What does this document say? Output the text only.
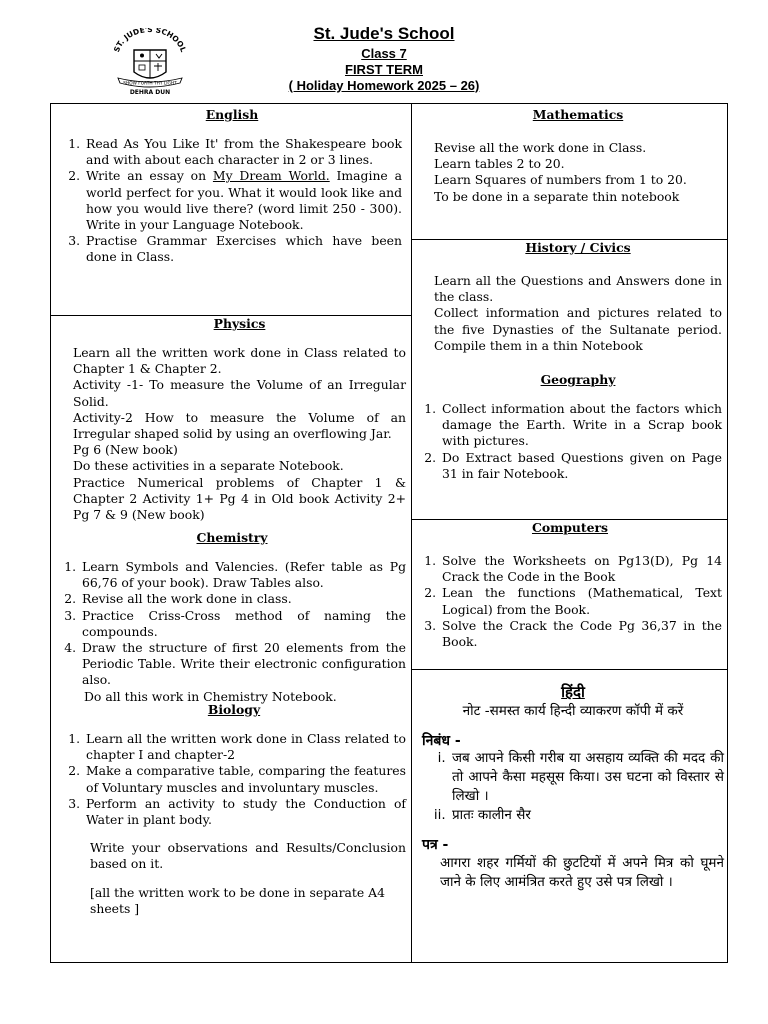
ST. JUDE'S SCHOOL
SHOW FORTH THY LIGHT
DEHRA DUN
St. Jude's School
Class 7
FIRST TERM
( Holiday Homework 2025 – 26)
English
1. Read As You Like It' from the Shakespeare book and with about each character in 2 or 3 lines.
2. Write an essay on My Dream World. Imagine a world perfect for you. What it would look like and how you would live there? (word limit 250 - 300). Write in your Language Notebook.
3. Practise Grammar Exercises which have been done in Class.
Physics

Learn all the written work done in Class related to Chapter 1 & Chapter 2.

Activity -1- To measure the Volume of an Irregular Solid.

Activity-2 How to measure the Volume of an Irregular shaped solid by using an overflowing Jar.

Pg 6 (New book)

Do these activities in a separate Notebook.

Practice Numerical problems of Chapter 1 & Chapter 2 Activity 1+ Pg 4 in Old book Activity 2+ Pg 7 & 9 (New book)

Chemistry
1. Learn Symbols and Valencies. (Refer table as Pg 66,76 of your book). Draw Tables also.
2. Revise all the work done in class.
3. Practice Criss-Cross method of naming the compounds.
4. Draw the structure of first 20 elements from the Periodic Table. Write their electronic configuration also.

Do all this work in Chemistry Notebook.

Biology
1. Learn all the written work done in Class related to chapter I and chapter-2
2. Make a comparative table, comparing the features of Voluntary muscles and involuntary muscles.
3. Perform an activity to study the Conduction of Water in plant body.

Write your observations and Results/Conclusion based on it.

[all the written work to be done in separate A4 sheets ]

Mathematics

Revise all the work done in Class.

Learn tables 2 to 20.

Learn Squares of numbers from 1 to 20.

To be done in a separate thin notebook

History / Civics

Learn all the Questions and Answers done in the class.

Collect information and pictures related to the five Dynasties of the Sultanate period. Compile them in a thin Notebook

Geography
1. Collect information about the factors which damage the Earth. Write in a Scrap book with pictures.
2. Do Extract based Questions given on Page 31 in fair Notebook.
Computers
1. Solve the Worksheets on Pg13(D), Pg 14 Crack the Code in the Book
2. Lean the functions (Mathematical, Text Logical) from the Book.
3. Solve the Crack the Code Pg 36,37 in the Book.
हिंदी

नोट -समस्त कार्य हिन्दी व्याकरण कॉपी में करें

निबंध -

i. जब आपने किसी गरीब या असहाय व्यक्ति की मदद की तो आपने कैसा महसूस किया। उस घटना को विस्तार से लिखो ।
ii. प्रातः कालीन सैर

पत्र -

आगरा शहर गर्मियों की छुटटियों में अपने मित्र को घूमने जाने के लिए आमंत्रित करते हुए उसे पत्र लिखो ।
